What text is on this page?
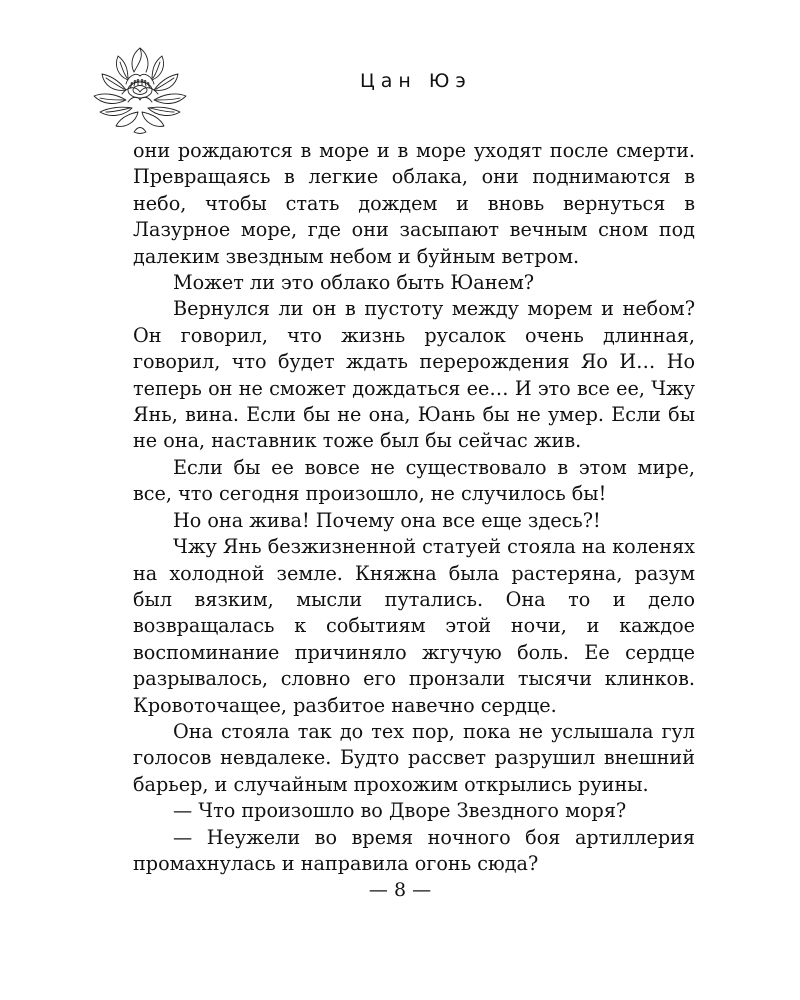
Цан Юэ

они рождаются в море и в море уходят после смерти. Превращаясь в легкие облака, они поднимаются в небо, чтобы стать дождем и вновь вернуться в Лазурное море, где они засыпают вечным сном под далеким звездным небом и буйным ветром.

Может ли это облако быть Юанем?

Вернулся ли он в пустоту между морем и небом? Он говорил, что жизнь русалок очень длинная, говорил, что будет ждать перерождения Яо И… Но теперь он не сможет дождаться ее… И это все ее, Чжу Янь, вина. Если бы не она, Юань бы не умер. Если бы не она, наставник тоже был бы сейчас жив.

Если бы ее вовсе не существовало в этом мире, все, что сегодня произошло, не случилось бы!

Но она жива! Почему она все еще здесь?!

Чжу Янь безжизненной статуей стояла на коленях на холодной земле. Княжна была растеряна, разум был вязким, мысли путались. Она то и дело возвращалась к событиям этой ночи, и каждое воспоминание причиняло жгучую боль. Ее сердце разрывалось, словно его пронзали тысячи клинков. Кровоточащее, разбитое навечно сердце.

Она стояла так до тех пор, пока не услышала гул голосов невдалеке. Будто рассвет разрушил внешний барьер, и случайным прохожим открылись руины.

— Что произошло во Дворе Звездного моря?

— Неужели во время ночного боя артиллерия промахнулась и направила огонь сюда?

— 8 —
